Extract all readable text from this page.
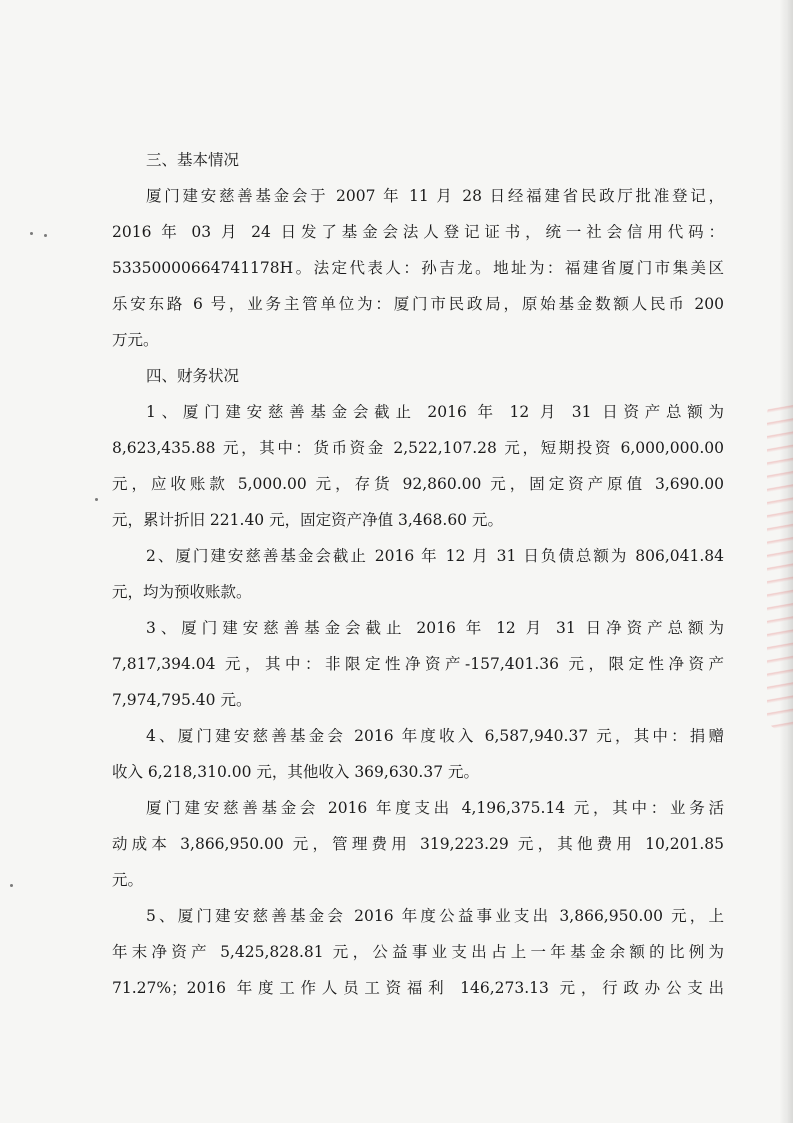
三、基本情况
厦门建安慈善基金会于 2007 年 11 月 28 日经福建省民政厅批准登记，
2016 年 03 月 24 日发了基金会法人登记证书，统一社会信用代码：
53350000664741178H。法定代表人：孙吉龙。地址为：福建省厦门市集美区
乐安东路 6 号，业务主管单位为：厦门市民政局，原始基金数额人民币 200
万元。
四、财务状况
1、厦门建安慈善基金会截止 2016 年 12 月 31 日资产总额为
8,623,435.88 元，其中：货币资金 2,522,107.28 元，短期投资 6,000,000.00
元，应收账款 5,000.00 元，存货 92,860.00 元，固定资产原值 3,690.00
元，累计折旧 221.40 元，固定资产净值 3,468.60 元。
2、厦门建安慈善基金会截止 2016 年 12 月 31 日负债总额为 806,041.84
元，均为预收账款。
3、厦门建安慈善基金会截止 2016 年 12 月 31 日净资产总额为
7,817,394.04 元，其中：非限定性净资产-157,401.36 元，限定性净资产
7,974,795.40 元。
4、厦门建安慈善基金会 2016 年度收入 6,587,940.37 元，其中：捐赠
收入 6,218,310.00 元，其他收入 369,630.37 元。
厦门建安慈善基金会 2016 年度支出 4,196,375.14 元，其中：业务活
动成本 3,866,950.00 元，管理费用 319,223.29 元，其他费用 10,201.85
元。
5、厦门建安慈善基金会 2016 年度公益事业支出 3,866,950.00 元，上
年末净资产 5,425,828.81 元，公益事业支出占上一年基金余额的比例为
71.27%；2016 年度工作人员工资福利 146,273.13 元，行政办公支出
